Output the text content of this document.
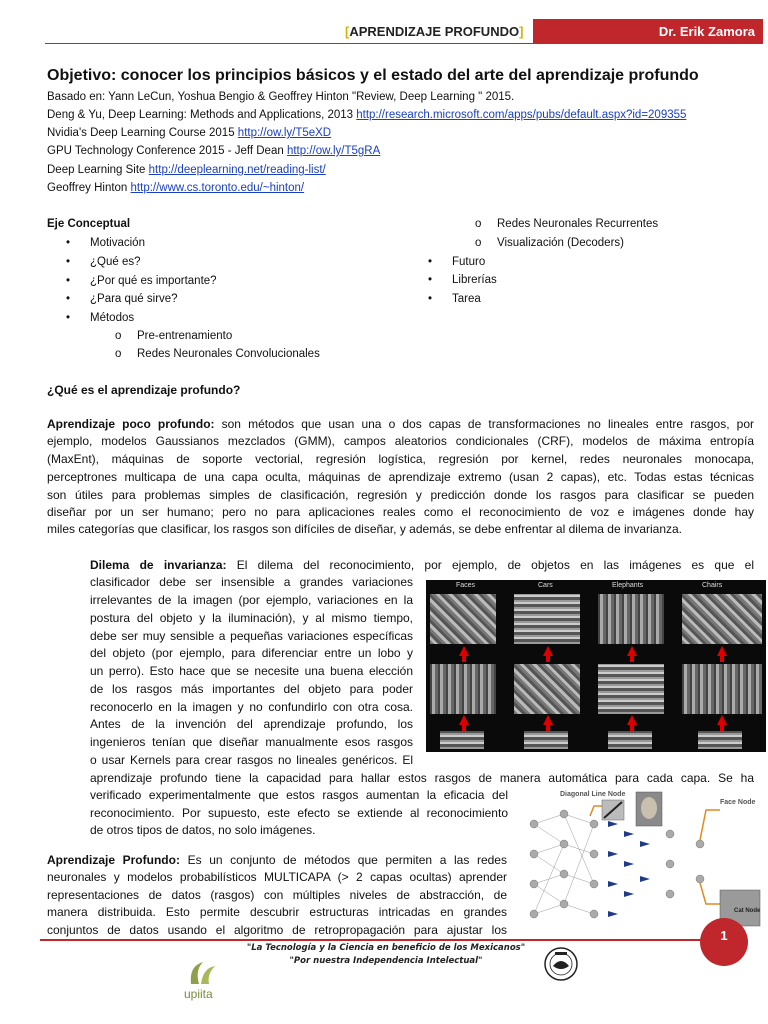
[APRENDIZAJE PROFUNDO]	Dr. Erik Zamora
Objetivo: conocer los principios básicos y el estado del arte del aprendizaje profundo
Basado en: Yann LeCun, Yoshua Bengio & Geoffrey Hinton "Review, Deep Learning " 2015.
Deng & Yu, Deep Learning: Methods and Applications, 2013 http://research.microsoft.com/apps/pubs/default.aspx?id=209355
Nvidia's Deep Learning Course 2015 http://ow.ly/T5eXD
GPU Technology Conference 2015 - Jeff Dean http://ow.ly/T5gRA
Deep Learning Site http://deeplearning.net/reading-list/
Geoffrey Hinton http://www.cs.toronto.edu/~hinton/
Eje Conceptual
• Motivación
• ¿Qué es?
• ¿Por qué es importante?
• ¿Para qué sirve?
• Métodos
o Pre-entrenamiento
o Redes Neuronales Convolucionales
o Redes Neuronales Recurrentes
o Visualización (Decoders)
• Futuro
• Librerías
• Tarea
¿Qué es el aprendizaje profundo?
Aprendizaje poco profundo: son métodos que usan una o dos capas de transformaciones no lineales entre rasgos, por
ejemplo, modelos Gaussianos mezclados (GMM), campos aleatorios condicionales (CRF), modelos de máxima entropía
(MaxEnt), máquinas de soporte vectorial, regresión logística, regresión por kernel, redes neuronales monocapa,
perceptrones multicapa de una capa oculta, máquinas de aprendizaje extremo (usan 2 capas), etc. Todas estas técnicas
son útiles para problemas simples de clasificación, regresión y predicción donde los rasgos para clasificar se pueden
diseñar por un ser humano; pero no para aplicaciones reales como el reconocimiento de voz e imágenes donde hay
miles categorías que clasificar, los rasgos son difíciles de diseñar, y además, se debe enfrentar al dilema de invarianza.
Dilema de invarianza: El dilema del reconocimiento, por ejemplo, de objetos en las imágenes es que el
clasificador debe ser insensible a grandes variaciones
irrelevantes de la imagen (por ejemplo, variaciones en la
postura del objeto y la iluminación), y al mismo tiempo,
debe ser muy sensible a pequeñas variaciones específicas
del objeto (por ejemplo, para diferenciar entre un lobo y
un perro). Esto hace que se necesite una buena elección
de los rasgos más importantes del objeto para poder
reconocerlo en la imagen y no confundirlo con otra cosa.
Antes de la invención del aprendizaje profundo, los
ingenieros tenían que diseñar manualmente esos rasgos
o usar Kernels para crear rasgos no lineales genéricos. El
aprendizaje profundo tiene la capacidad para hallar estos rasgos de manera automática para cada capa. Se ha
verificado experimentalmente que estos rasgos aumentan la eficacia del
reconocimiento. Por supuesto, este efecto se extiende al reconocimiento
de otros tipos de datos, no solo imágenes.
Faces	Cars	Elephants	Chairs
Diagonal Line Node
Face Node
Cat Node
Aprendizaje Profundo: Es un conjunto de métodos que permiten a las redes
neuronales y modelos probabilísticos MULTICAPA (> 2 capas ocultas) aprender
representaciones de datos (rasgos) con múltiples niveles de abstracción, de
manera distribuida. Esto permite descubrir estructuras intricadas en grandes
conjuntos de datos usando el algoritmo de retropropagación para ajustar los	1
"La Tecnología y la Ciencia en beneficio de los Mexicanos"
"Por nuestra Independencia Intelectual"
upiita
